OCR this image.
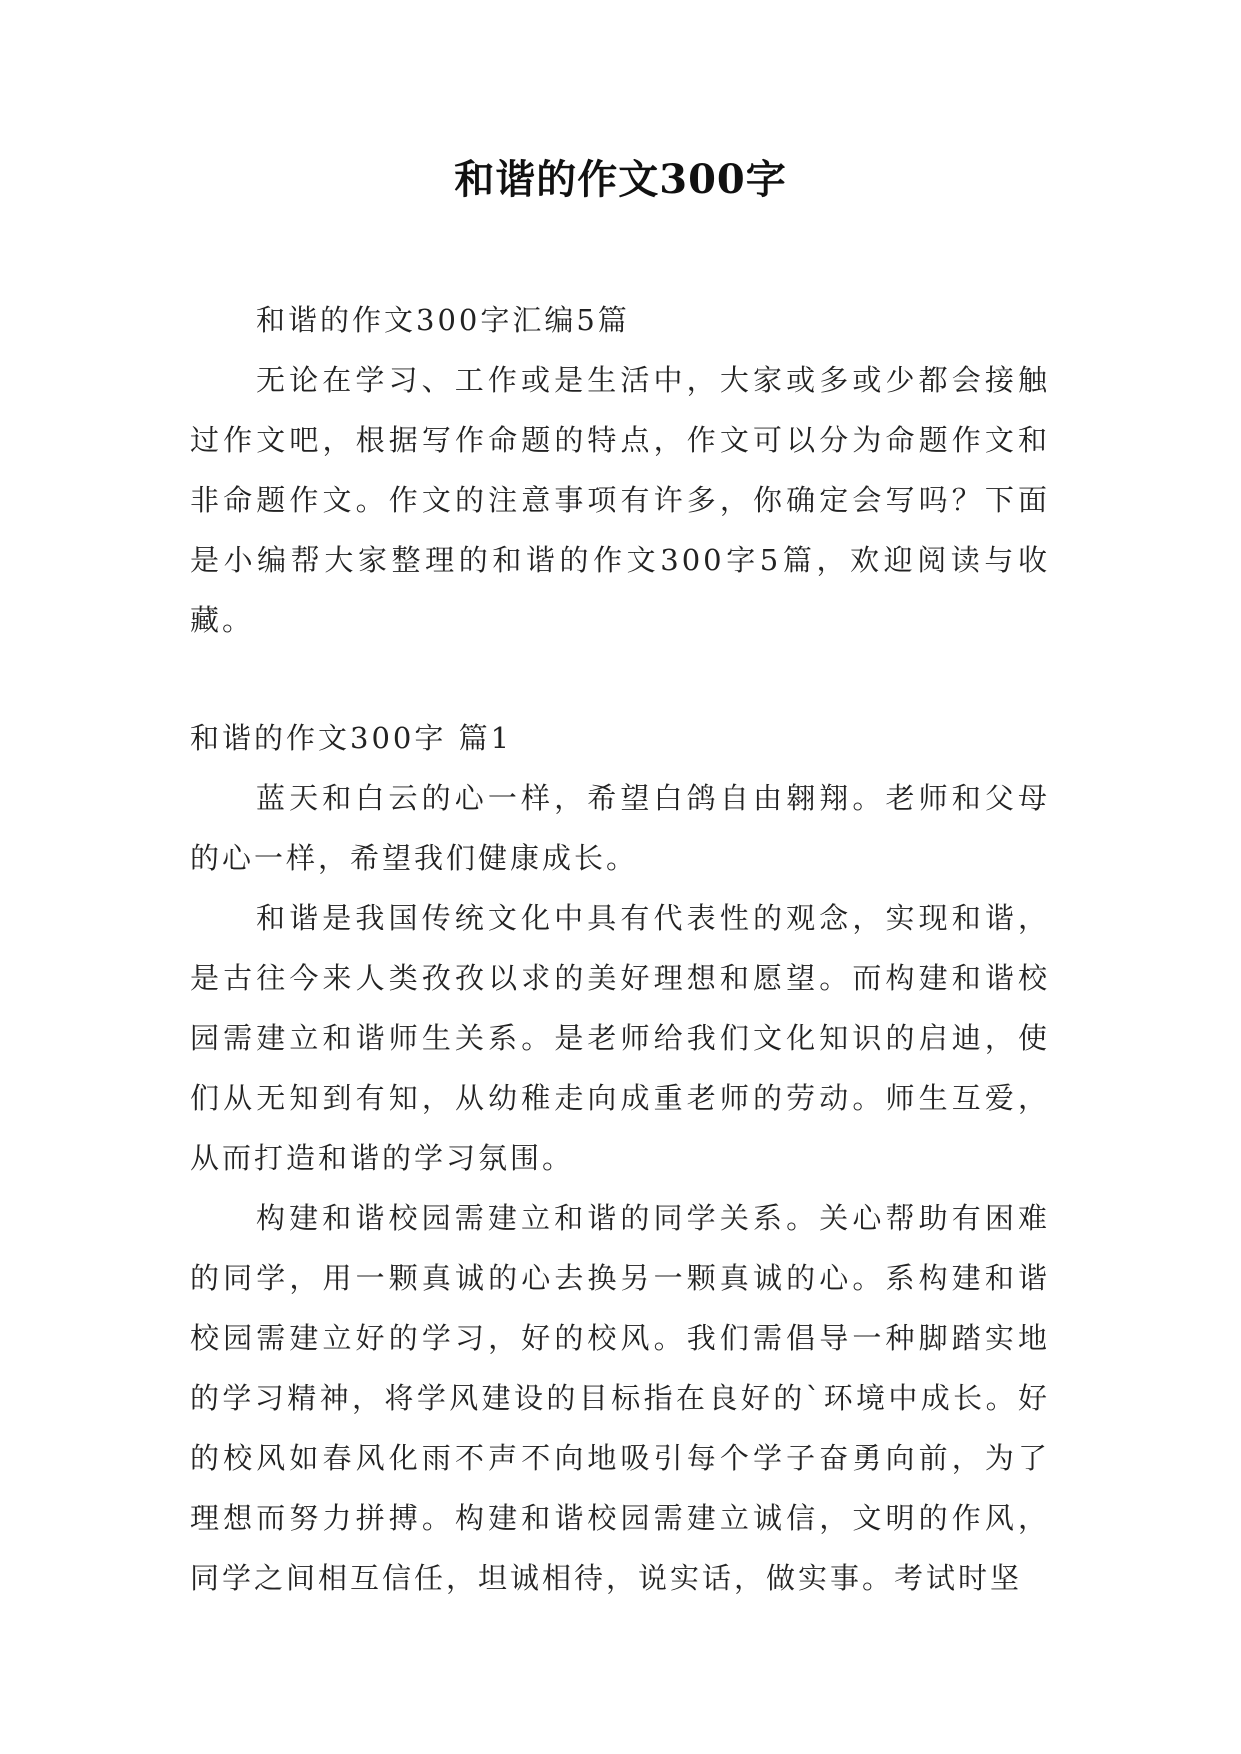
和谐的作文300字

和谐的作文300字汇编5篇

无论在学习、工作或是生活中，大家或多或少都会接触过作文吧，根据写作命题的特点，作文可以分为命题作文和非命题作文。作文的注意事项有许多，你确定会写吗？下面是小编帮大家整理的和谐的作文300字5篇，欢迎阅读与收藏。

和谐的作文300字 篇1

蓝天和白云的心一样，希望白鸽自由翱翔。老师和父母的心一样，希望我们健康成长。

和谐是我国传统文化中具有代表性的观念，实现和谐，是古往今来人类孜孜以求的美好理想和愿望。而构建和谐校园需建立和谐师生关系。是老师给我们文化知识的启迪，使们从无知到有知，从幼稚走向成重老师的劳动。师生互爱，从而打造和谐的学习氛围。

构建和谐校园需建立和谐的同学关系。关心帮助有困难的同学，用一颗真诚的心去换另一颗真诚的心。系构建和谐校园需建立好的学习，好的校风。我们需倡导一种脚踏实地的学习精神，将学风建设的目标指在良好的`环境中成长。好的校风如春风化雨不声不向地吸引每个学子奋勇向前，为了理想而努力拼搏。构建和谐校园需建立诚信，文明的作风，同学之间相互信任，坦诚相待，说实话，做实事。考试时坚
